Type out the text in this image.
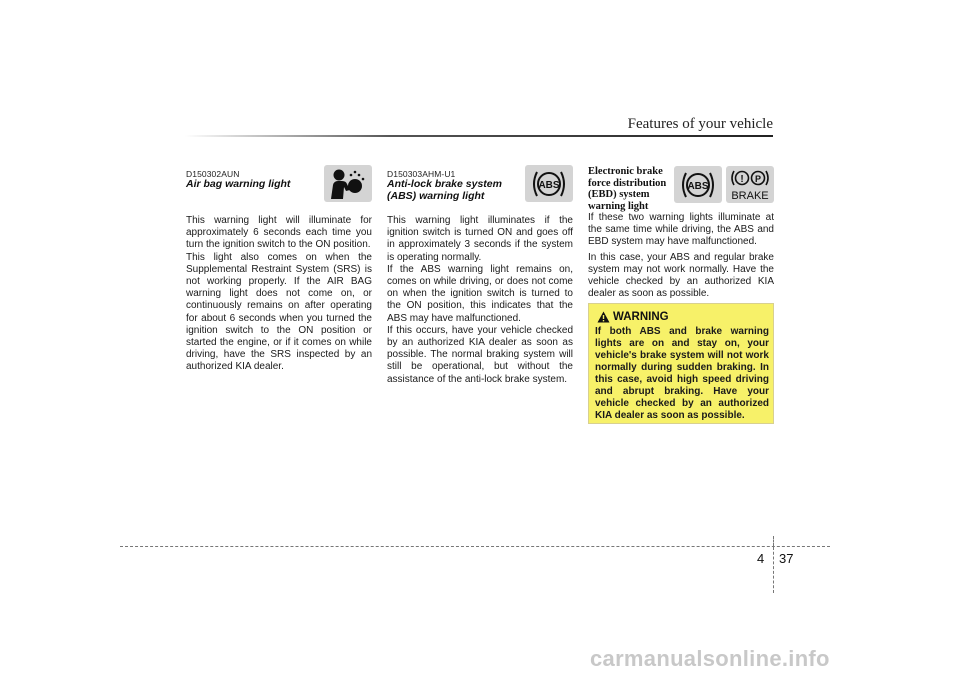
Features of your vehicle
D150302AUN
Air bag warning light

This warning light will illuminate for approximately 6 seconds each time you turn the ignition switch to the ON position.

This light also comes on when the Supplemental Restraint System (SRS) is not working properly. If the AIR BAG warning light does not come on, or continuously remains on after operating for about 6 seconds when you turned the ignition switch to the ON position or started the engine, or if it comes on while driving, have the SRS inspected by an authorized KIA dealer.

D150303AHM-U1
Anti-lock brake system
(ABS) warning light
ABS

This warning light illuminates if the ignition switch is turned ON and goes off in approximately 3 seconds if the system is operating normally.

If the ABS warning light remains on, comes on while driving, or does not come on when the ignition switch is turned to the ON position, this indicates that the ABS may have malfunctioned.

If this occurs, have your vehicle checked by an authorized KIA dealer as soon as possible. The normal braking system will still be operational, but without the assistance of the anti-lock brake system.

Electronic brake
force distribution
(EBD) system
warning light
ABS
! P
BRAKE

If these two warning lights illuminate at the same time while driving, the ABS and EBD system may have malfunctioned.

In this case, your ABS and regular brake system may not work normally. Have the vehicle checked by an authorized KIA dealer as soon as possible.

WARNING
If both ABS and brake warning lights are on and stay on, your vehicle's brake system will not work normally during sudden braking. In this case, avoid high speed driving and abrupt braking. Have your vehicle checked by an authorized KIA dealer as soon as possible.
4 37
carmanualsonline.info
